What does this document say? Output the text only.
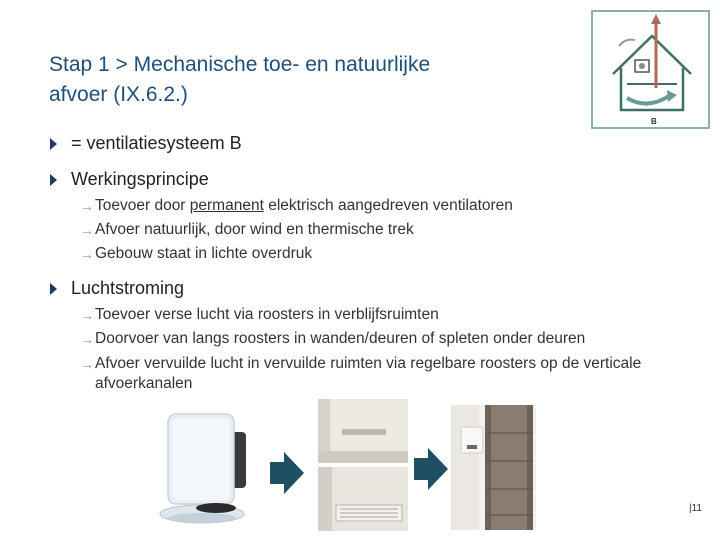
Stap 1 > Mechanische toe- en natuurlijke
afvoer (IX.6.2.)
B
= ventilatiesysteem B
Werkingsprincipe
→ Toevoer door permanent elektrisch aangedreven ventilatoren
→ Afvoer natuurlijk, door wind en thermische trek
→ Gebouw staat in lichte overdruk
Luchtstroming
→ Toevoer verse lucht via roosters in verblijfsruimten
→ Doorvoer van langs roosters in wanden/deuren of spleten onder deuren
→ Afvoer vervuilde lucht in vervuilde ruimten via regelbare roosters op de verticale afvoerkanalen
|11
